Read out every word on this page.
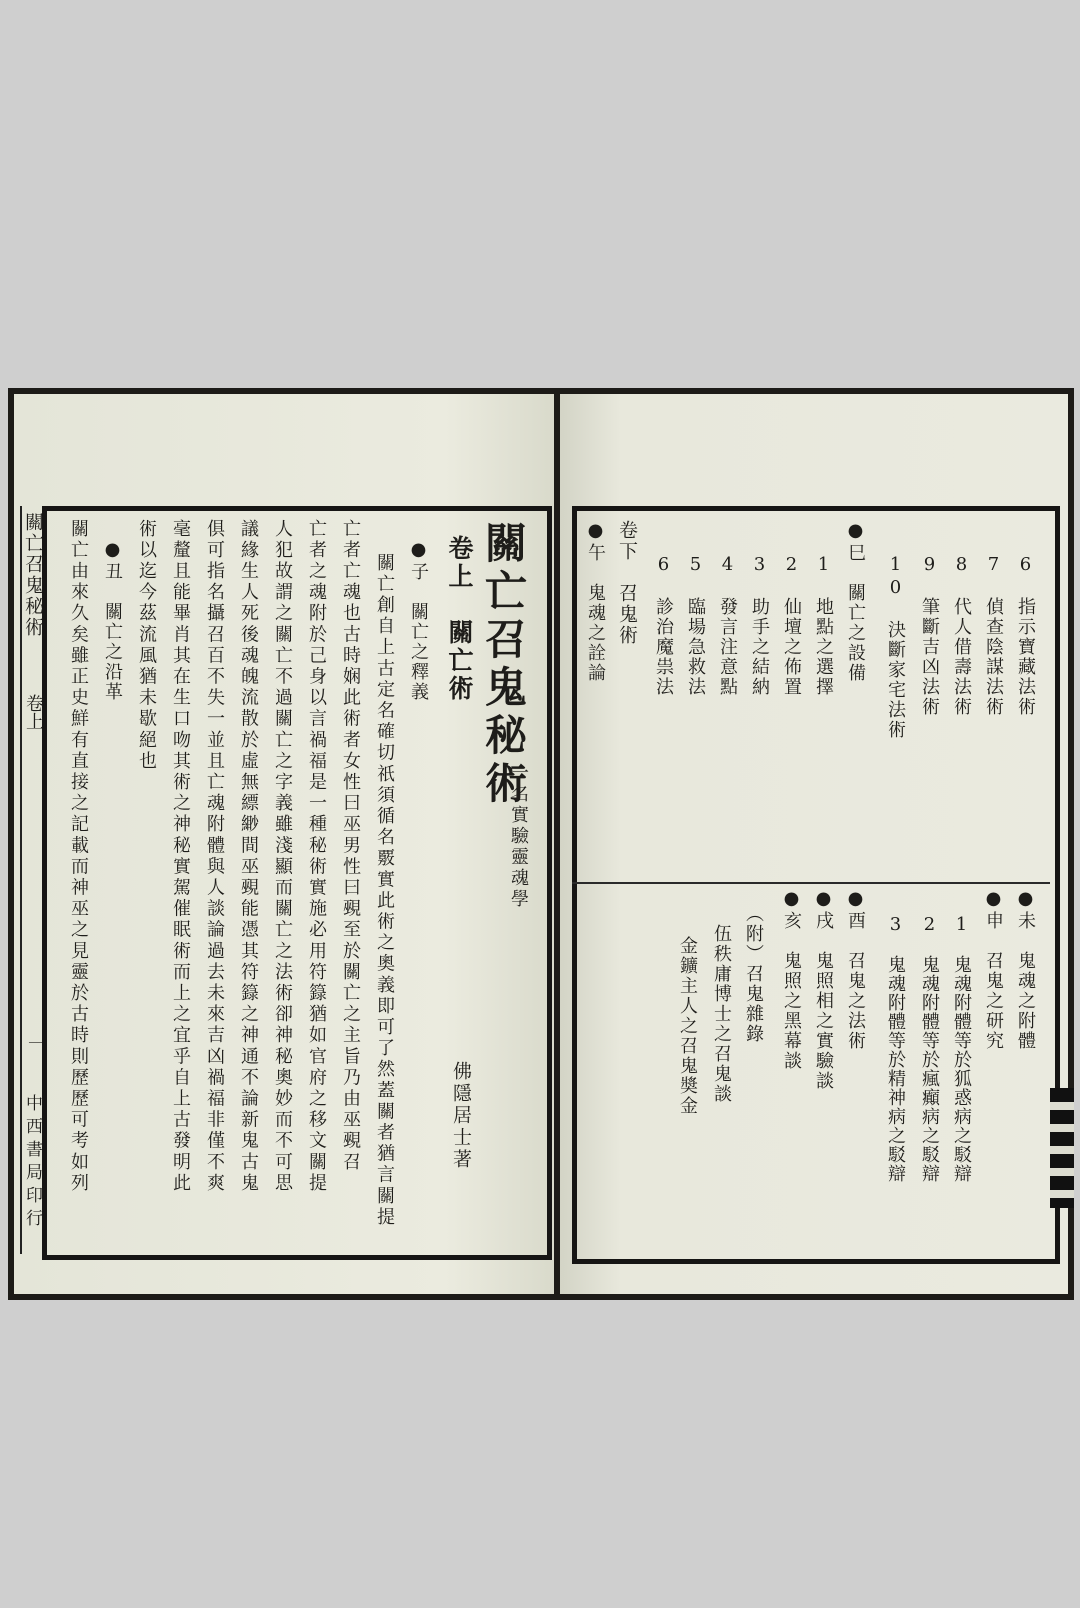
關亡召鬼秘術
卷上
一
中西書局印行
關亡召鬼秘術
一名實驗靈魂學
卷上　關亡術
佛隱居士著
●子　關亡之釋義
關亡創自上古定名確切祇須循名覈實此術之奧義即可了然蓋關者猶言關提
亡者亡魂也古時娴此術者女性曰巫男性曰覡至於關亡之主旨乃由巫覡召
亡者之魂附於己身以言禍福是一種秘術實施必用符籙猶如官府之移文關提
人犯故謂之關亡不過關亡之字義雖淺顯而關亡之法術卻神秘奧妙而不可思
議緣生人死後魂魄流散於虛無縹緲間巫覡能憑其符籙之神通不論新鬼古鬼
俱可指名攝召百不失一並且亡魂附體與人談論過去未來吉凶禍福非僅不爽
毫釐且能畢肖其在生口吻其術之神秘實駕催眠術而上之宜乎自上古發明此
術以迄今茲流風猶未歇絕也
●丑　關亡之沿革
關亡由來久矣雖正史鮮有直接之記載而神巫之見靈於古時則歷歷可考如列	6　指示寶藏法術
7　偵查陰謀法術
8　代人借壽法術
9　筆斷吉凶法術
10　決斷家宅法術
●巳　關亡之設備
1　地點之選擇
2　仙壇之佈置
3　助手之結納
4　發言注意點
5　臨場急救法
6　診治魔祟法
卷下　召鬼術
●午　鬼魂之詮論
●未　鬼魂之附體
●申　召鬼之研究
1　鬼魂附體等於狐惑病之駁辯
2　鬼魂附體等於瘋癲病之駁辯
3　鬼魂附體等於精神病之駁辯
●酉　召鬼之法術
●戌　鬼照相之實驗談
●亥　鬼照之黑幕談
（附）召鬼雜錄
伍秩庸博士之召鬼談
金鑛主人之召鬼奬金
